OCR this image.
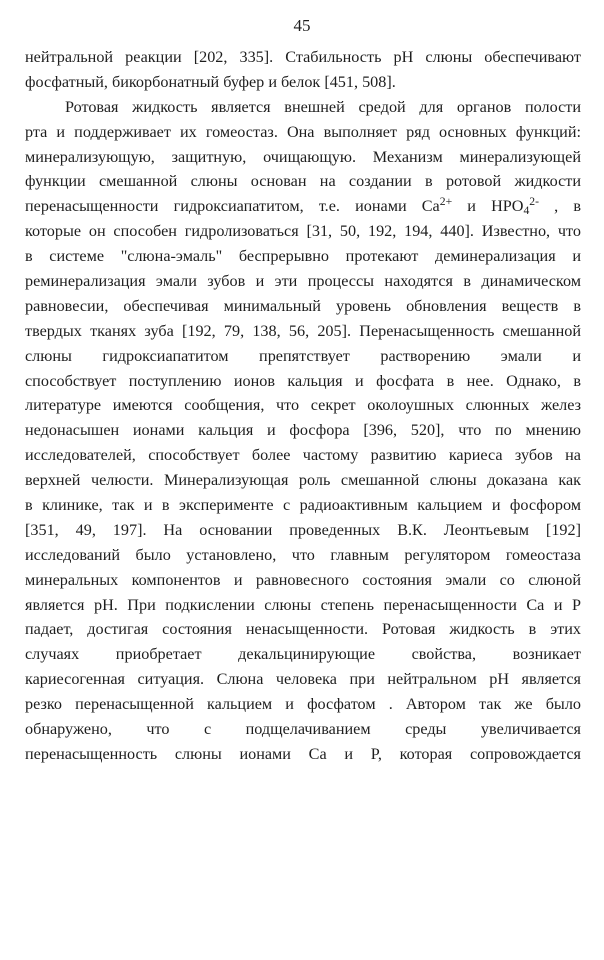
45
нейтральной реакции [202, 335]. Стабильность pH слюны обеспечивают
фосфатный, бикорбонатный буфер и белок [451, 508].
Ротовая жидкость является внешней средой для органов полости
рта и поддерживает их гомеостаз. Она выполняет ряд основных функций:
минерализующую, защитную, очищающую. Механизм минерализующей
функции смешанной слюны основан на создании в ротовой жидкости
перенасыщенности гидроксиапатитом, т.е. ионами $Ca^{2+}$ и $HPO_4^{2-}$ , в
которые он способен гидролизоваться [31, 50, 192, 194, 440]. Известно, что
в системе "слюна-эмаль" беспрерывно протекают деминерализация и
реминерализация эмали зубов и эти процессы находятся в динамическом
равновесии, обеспечивая минимальный уровень обновления веществ в
твердых тканях зуба [192, 79, 138, 56, 205]. Перенасыщенность смешанной
слюны гидроксиапатитом препятствует растворению эмали и
способствует поступлению ионов кальция и фосфата в нее. Однако, в
литературе имеются сообщения, что секрет околоушных слюнных желез
недонасышен ионами кальция и фосфора [396, 520], что по мнению
исследователей, способствует более частому развитию кариеса зубов на
верхней челюсти. Минерализующая роль смешанной слюны доказана как
в клинике, так и в эксперименте с радиоактивным кальцием и фосфором
[351, 49, 197]. На основании проведенных В.К. Леонтьевым [192]
исследований было установлено, что главным регулятором гомеостаза
минеральных компонентов и равновесного состояния эмали со слюной
является pH. При подкислении слюны степень перенасыщенности Ca и P
падает, достигая состояния ненасыщенности. Ротовая жидкость в этих
случаях приобретает декальцинирующие свойства, возникает
кариесогенная ситуация. Слюна человека при нейтральном pH является
резко перенасыщенной кальцием и фосфатом . Автором так же было
обнаружено, что с подщелачиванием среды увеличивается
перенасыщенность слюны ионами Ca и P, которая сопровождается
